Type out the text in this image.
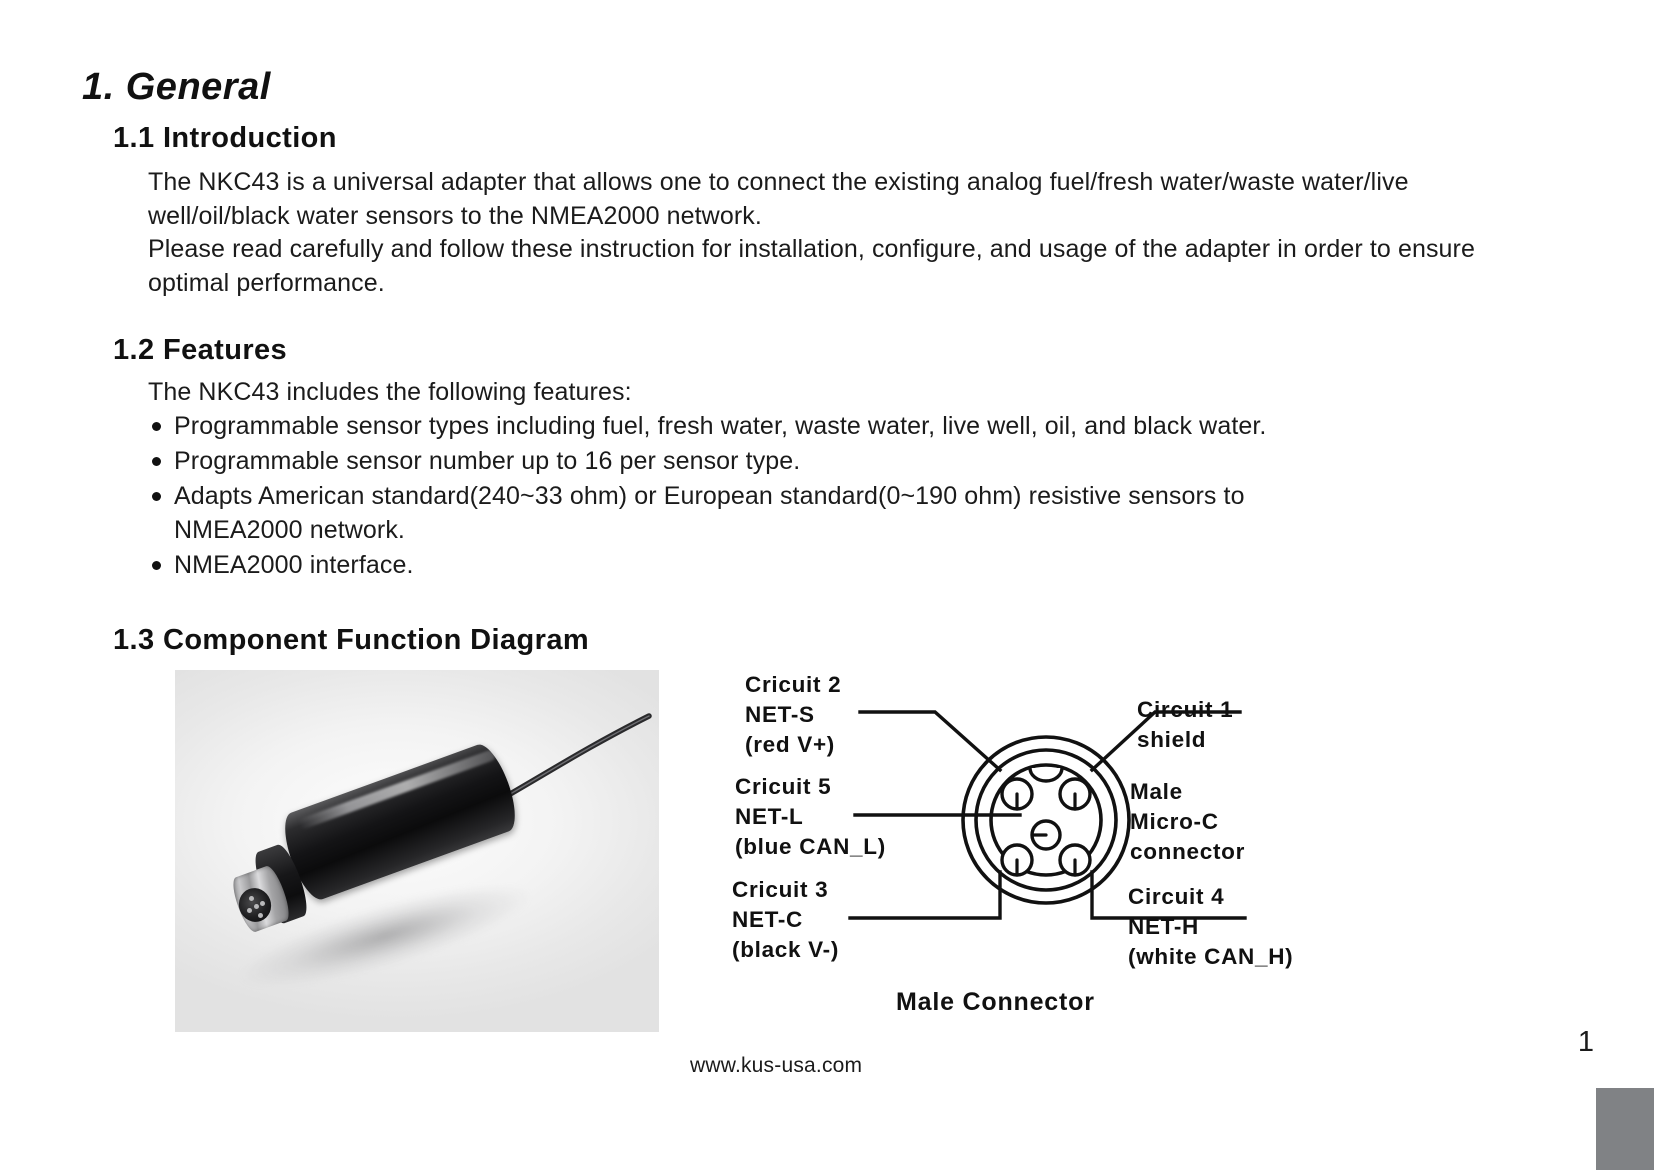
1. General
1.1 Introduction
The NKC43 is a universal adapter that allows one to connect the existing analog fuel/fresh water/waste water/live well/oil/black water sensors to the NMEA2000 network.
Please read carefully and follow these instruction for installation, configure, and usage of the adapter in order to ensure optimal performance.
1.2 Features
The NKC43 includes the following features:
Programmable sensor types including fuel, fresh water, waste water, live well, oil, and black water.
Programmable sensor number up to 16 per sensor type.
Adapts American standard(240~33 ohm) or European standard(0~190 ohm) resistive sensors to
NMEA2000 network.
NMEA2000 interface.
1.3 Component Function Diagram
Cricuit 2
NET-S
(red V+)
Cricuit 5
NET-L
(blue CAN_L)
Cricuit 3
NET-C
(black V-)
Circuit 1
shield
Male
Micro-C
connector
Circuit 4
NET-H
(white CAN_H)
Male Connector
www.kus-usa.com
1
